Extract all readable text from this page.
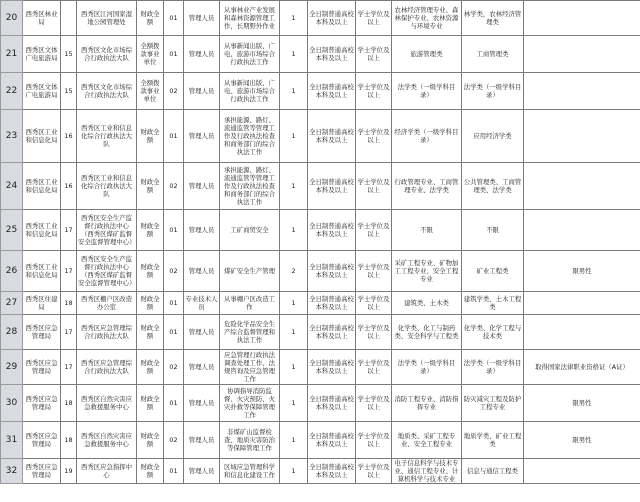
20	西秀区林业局		西秀区江河国家湿地公园管理处	财政全额	01	管理人员	从事林业产业发展和森林资源管理工作，长期野外作业	1	全日制普通高校本科及以上	学士学位及以上	农林经济管理专业、森林保护专业、农林资源与环境专业	林学类，农林经济管理类	
21	西秀区文体广电旅游局	15	西秀区文化市场综合行政执法大队	全额拨款事业单位	01	管理人员	从事新闻出版、广电、旅游市场综合行政执法工作	1	全日制普通高校本科及以上	学士学位及以上	旅游管理类	工商管理类	
22	西秀区文体广电旅游局	15	西秀区文化市场综合行政执法大队	全额拨款事业单位	02	管理人员	从事新闻出版、广电、旅游市场综合行政执法工作	1	全日制普通高校本科及以上	学士学位及以上	法学类（一级学科目录）	法学类（一级学科目录）	
23	西秀区工业和信息化局	16	西秀区工业和信息化综合行政执法大队	财政全额	01	管理人员	承担能源、路灯、流通监管等管理工作及行政执法检查和商务部门的综合执法工作	1	全日制普通高校本科及以上	学士学位及以上	经济学类（一级学科目录）	应用经济学类	
24	西秀区工业和信息化局	16	西秀区工业和信息化综合行政执法大队	财政全额	02	管理人员	承担能源、路灯、流通监管等管理工作及行政执法检查和商务部门的综合执法工作	1	全日制普通高校本科及以上	学士学位及以上	行政管理专业、工商管理专业、法学类	公共管理类、工商管理类、法学类	
25	西秀区工业和信息化局	17	西秀区安全生产监督行政执法中心（西秀区煤矿监督安全监督管理中心）	财政全额	01	管理人员	工矿商贸安全	1	全日制普通高校本科及以上	学士学位及以上	不限	不限	
26	西秀区工业和信息化局	17	西秀区安全生产监督行政执法中心（西秀区煤矿监督安全监督管理中心）	财政全额	02	管理人员	煤矿安全生产管理	2	全日制普通高校本科及以上	学士学位及以上	采矿工程专业、矿物加工工程专业、安全工程专业	矿业工程类	限男性
27	西秀区住建局	18	西秀区棚户区改造办公室	财政全额	01	专业技术人员	从事棚户区改造工作	1	全日制普通高校本科及以上	学士学位及以上	建筑类、土木类	建筑学类、土木工程类	
28	西秀区应急管理局	17	西秀区应急管理综合行政执法大队	财政全额	01	管理人员	危险化学品安全生产综合监督管理和执法工作	1	全日制普通高校本科及以上	学士学位及以上	化学类、化工与制药类、安全科学与工程类	化学类、化学工程与技术类	
29	西秀区应急管理局	17	西秀区应急管理综合行政执法大队	财政全额	02	管理人员	应急管理行政执法调查处理工作、法规咨询及应急管理工作	1	全日制普通高校本科及以上	学士学位及以上	法学类（一级学科目录）	法学类（一级学科目录）	取得国家法律职业资格证（A证）
30	西秀区应急管理局	18	西秀区自然灾害应急救援服务中心	财政全额	01	管理人员	协调指导消防监督、火灾预防、火灾扑救等保障管理工作	1	全日制普通高校本科及以上	学士学位及以上	消防工程专业、消防指挥专业	防灾减灾工程及防护工程专业	限男性
31	西秀区应急管理局	18	西秀区自然灾害应急救援服务中心	财政全额	02	管理人员	非煤矿山监督检查、地质灾害防治等保障管理工作	1	全日制普通高校本科及以上	学士学位及以上	地质类、采矿工程专业、安全工程专业	地质学类、矿业工程类	限男性
32	西秀区应急管理局	19	西秀区应急指挥中心	财政全额	01	管理人员	区域应急管理科学和信息化建设工作	1	全日制普通高校本科及以上	学士学位及以上	电子信息科学与技术专业、通信工程专业、计算机科学与技术专业	信息与通信工程类	
